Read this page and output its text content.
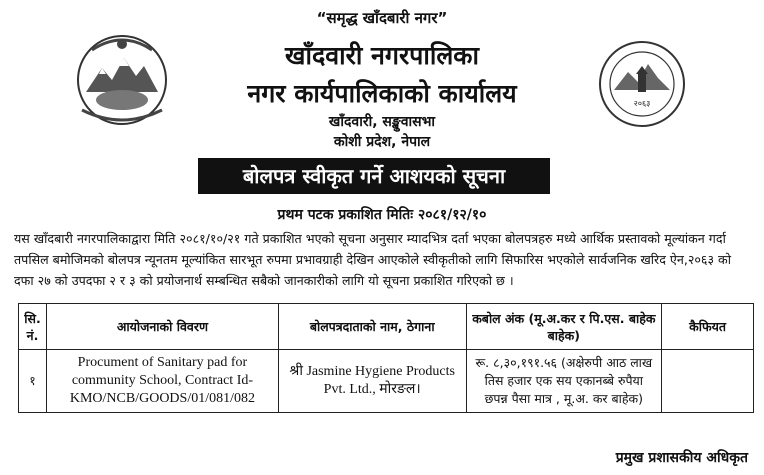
“समृद्ध खाँदबारी नगर”
खाँदवारी नगरपालिका
नगर कार्यपालिकाको कार्यालय
खाँदवारी, सङ्खुवासभा
कोशी प्रदेश, नेपाल
२०६३
बोलपत्र स्वीकृत गर्ने आशयको सूचना
प्रथम पटक प्रकाशित मितिः २०८१/१२/१०
यस खाँदबारी नगरपालिकाद्वारा मिति २०८१/१०/२१ गते प्रकाशित भएको सूचना अनुसार म्यादभित्र दर्ता भएका बोलपत्रहरु मध्ये आर्थिक प्रस्तावको मूल्यांकन गर्दा तपसिल बमोजिमको बोलपत्र न्यूनतम मूल्यांकित सारभूत रुपमा प्रभावग्राही देखिन आएकोले स्वीकृतीको लागि सिफारिस भएकोले सार्वजनिक खरिद ऐन,२०६३ को दफा २७ को उपदफा २ र ३ को प्रयोजनार्थ सम्बन्धित सबैको जानकारीको लागि यो सूचना प्रकाशित गरिएको छ ।
सि.
नं.	आयोजनाको विवरण	बोलपत्रदाताको नाम, ठेगाना	कबोल अंक (मू.अ.कर र पि.एस. बाहेक बाहेक)	कैफियत
१	Procument of Sanitary pad for community School, Contract Id-KMO/NCB/GOODS/01/081/082	श्री Jasmine Hygiene Products Pvt. Ltd., मोरङल।	रू. ८,३०,१९१.५६ (अक्षेरुपी आठ लाख तिस हजार एक सय एकानब्बे रुपैया छपन्न पैसा मात्र , मू.अ. कर बाहेक)	
प्रमुख प्रशासकीय अधिकृत
